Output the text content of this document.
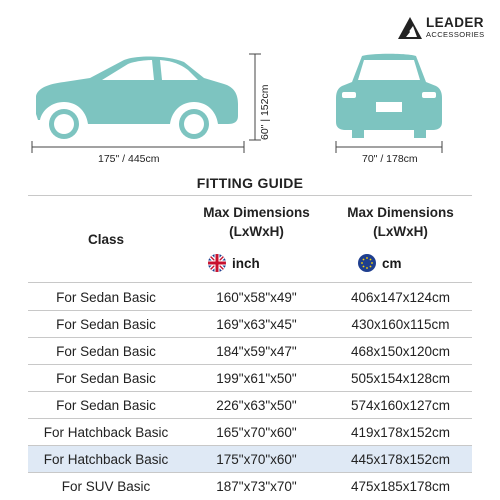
LEADER
ACCESSORIES
175" / 445cm
60" | 152cm
70" / 178cm
FITTING GUIDE
Class
Max Dimensions (LxWxH)
Max Dimensions (LxWxH)
inch	cm
For Sedan Basic	160"x58"x49"	406x147x124cm
For Sedan Basic	169"x63"x45"	430x160x115cm
For Sedan Basic	184"x59"x47"	468x150x120cm
For Sedan Basic	199"x61"x50"	505x154x128cm
For Sedan Basic	226"x63"x50"	574x160x127cm
For Hatchback Basic	165"x70"x60"	419x178x152cm
For Hatchback Basic	175"x70"x60"	445x178x152cm
For SUV Basic	187"x73"x70"	475x185x178cm
